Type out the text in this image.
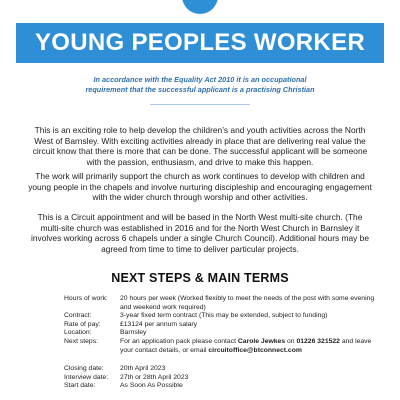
YOUNG PEOPLES WORKER
In accordance with the Equality Act 2010 it is an occupational
requirement that the successful applicant is a practising Christian
This is an exciting role to help develop the children’s and youth activities across the North West of Barnsley. With exciting activities already in place that are delivering real value the circuit know that there is more that can be done. The successful applicant will be someone with the passion, enthusiasm, and drive to make this happen.
The work will primarily support the church as work continues to develop with children and young people in the chapels and involve nurturing discipleship and encouraging engagement with the wider church through worship and other activities.
This is a Circuit appointment and will be based in the North West multi-site church. (The multi-site church was established in 2016 and for the North West Church in Barnsley it involves working across 6 chapels under a single Church Council). Additional hours may be agreed from time to time to deliver particular projects.
NEXT STEPS & MAIN TERMS
Hours of work:	20 hours per week (Worked flexibly to meet the needs of the post with some evening and weekend work required)
Contract:	3-year fixed term contract (This may be extended, subject to funding)
Rate of pay:	£13124 per annum salary
Location:	Barnsley
Next steps:	For an application pack please contact Carole Jewkes on 01226 321522 and leave your contact details, or email circuitoffice@btconnect.com
Closing date:	20th April 2023
Interview date:	27th or 28th April 2023
Start date:	As Soon As Possible
